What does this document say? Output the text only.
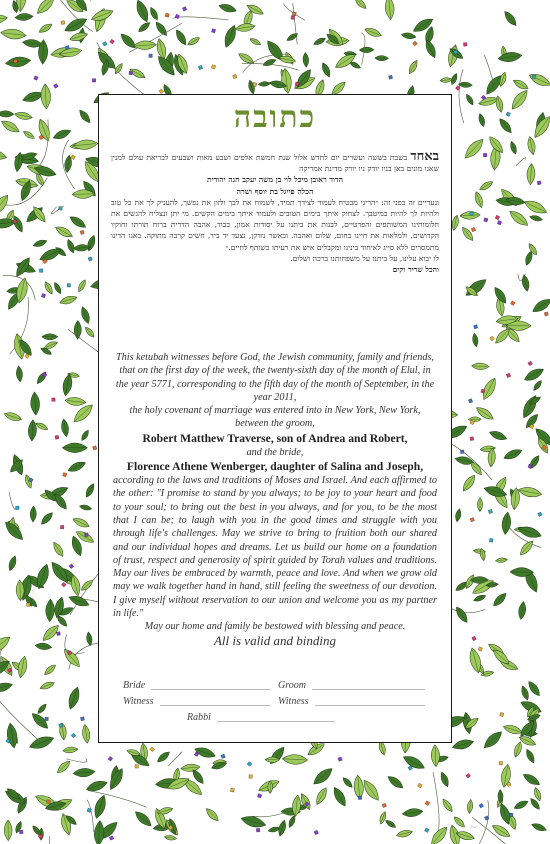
כתובה

באחד בשבת בששה ועשרים יום לחדש אלול שנת חמשת אלפים ושבע מאות ושבעים לבריאת עולם למנין שאנו מונים באן בניו יורק ניו יורק מדינת אמריקה

הדוד ראובן מיכל לוי בן משה יעקב חנה יהודית

הכלה פייגל בת יוסף ושרה

ונעדיים זה בפני זה: ״הריני מבטיח לעמוד לצידך תמיד, לשמוח את לבך ולזון את נפשך, להעניק לך את כל טוב ולהיות לך להיות במיטבך. לצחוק איתך בימים הטובים ולעמוד איתך בימים הקשים. מי יתן ונצליח להגשים את חלומותינו המשותפים והפרטיים, לבנות את ביתנו על יסודות אמון, כבוד, אהבה הדדית ברוח תורתו וחוקיו הקדושים, ולמלאות את חיינו בחום, שלום ואהבה. וכאשר נזדקן, נצעד יד ביד, חשים קרבה מתוקה. באנו הדינו מתמסרים ללא סייג לאיחוד בינינו ומקבלים איש את רעיתו כשותף לחיים.״

לו יבוא עלינו, על ביתנו על משפחותנו ברכה ושלום.

והכל שריר וקים

This ketubah witnesses before God, the Jewish community, family and friends, that on the first day of the week, the twenty-sixth day of the month of Elul, in the year 5771, corresponding to the fifth day of the month of September, in the year 2011,

the holy covenant of marriage was entered into in New York, New York,

between the groom,

Robert Matthew Traverse, son of Andrea and Robert,

and the bride,

Florence Athene Wenberger, daughter of Salina and Joseph,

according to the laws and traditions of Moses and Israel. And each affirmed to the other: "I promise to stand by you always; to be joy to your heart and food to your soul; to bring out the best in you always, and for you, to be the most that I can be; to laugh with you in the good times and struggle with you through life's challenges. May we strive to bring to fruition both our shared and our individual hopes and dreams. Let us build our home on a foundation of trust, respect and generosity of spirit guided by Torah values and traditions. May our lives be embraced by warmth, peace and love. And when we grow old may we walk together hand in hand, still feeling the sweetness of our devotion. I give myself without reservation to our union and welcome you as my partner in life."

May our home and family be bestowed with blessing and peace.

All is valid and binding

Bride	Groom
Witness	Witness
Rabbi
~
